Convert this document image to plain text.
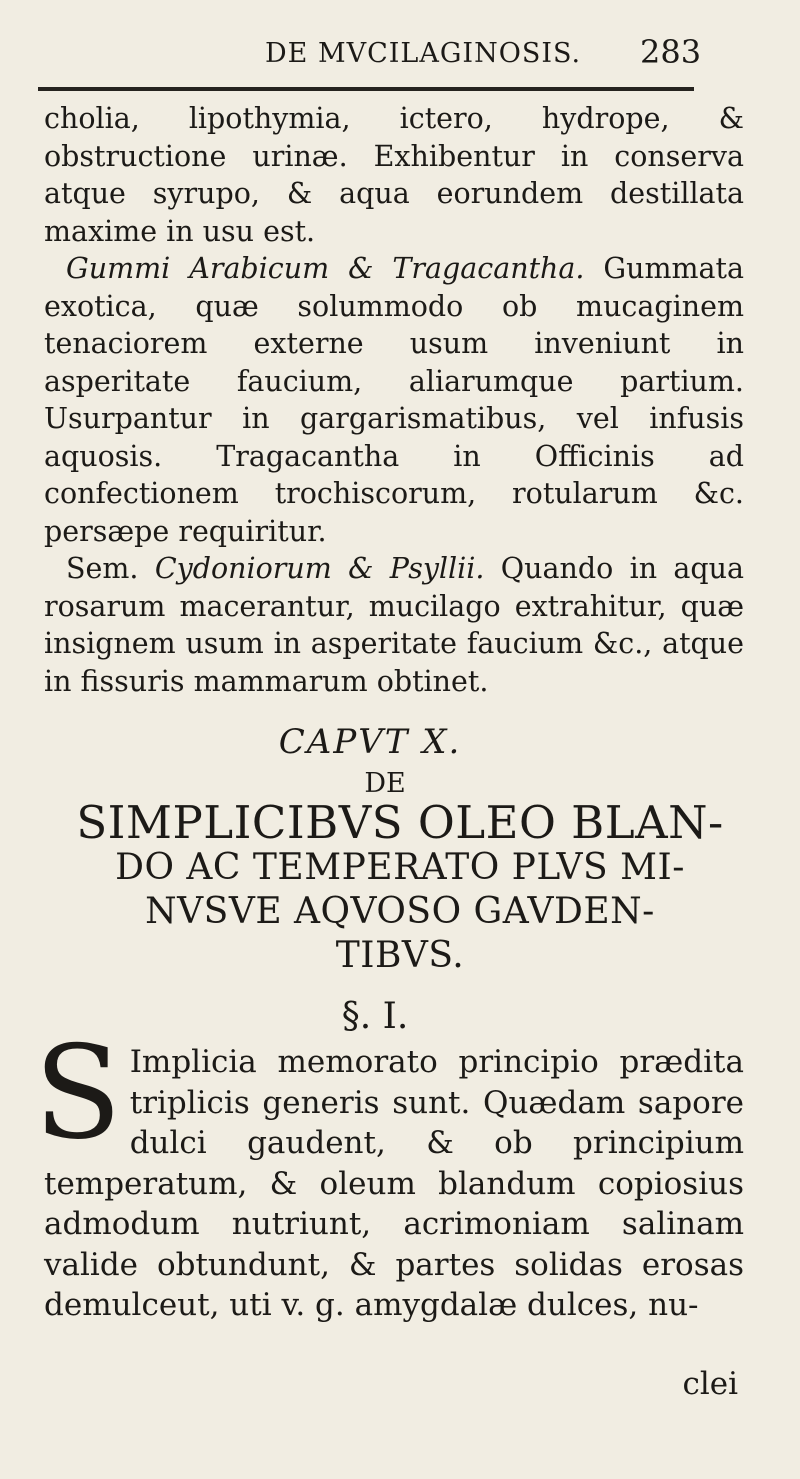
DE MVCILAGINOSIS. 283

cholia, lipothymia, ictero, hydrope, & obstructione urinæ. Exhibentur in conserva atque syrupo, & aqua eorundem destillata maxime in usu est.

Gummi Arabicum & Tragacantha. Gummata exotica, quæ solummodo ob mucaginem tenaciorem externe usum inveniunt in asperitate faucium, aliarumque partium. Usurpantur in gargarismatibus, vel infusis aquosis. Tragacantha in Officinis ad confectionem trochiscorum, rotularum &c. persæpe requiritur.

Sem. Cydoniorum & Psyllii. Quando in aqua rosarum macerantur, mucilago extrahitur, quæ insignem usum in asperitate faucium &c., atque in fissuris mammarum obtinet.

CAPVT X.
DE
SIMPLICIBVS OLEO BLAN-
DO AC TEMPERATO PLVS MI-
NVSVE AQVOSO GAVDEN-
TIBVS.
§. I.

S Implicia memorato principio prædita triplicis generis sunt. Quædam sapore dulci gaudent, & ob principium temperatum, & oleum blandum copiosius admodum nutriunt, acrimoniam salinam valide obtundunt, & partes solidas erosas demulceut, uti v. g. amygdalæ dulces, nu-

clei
